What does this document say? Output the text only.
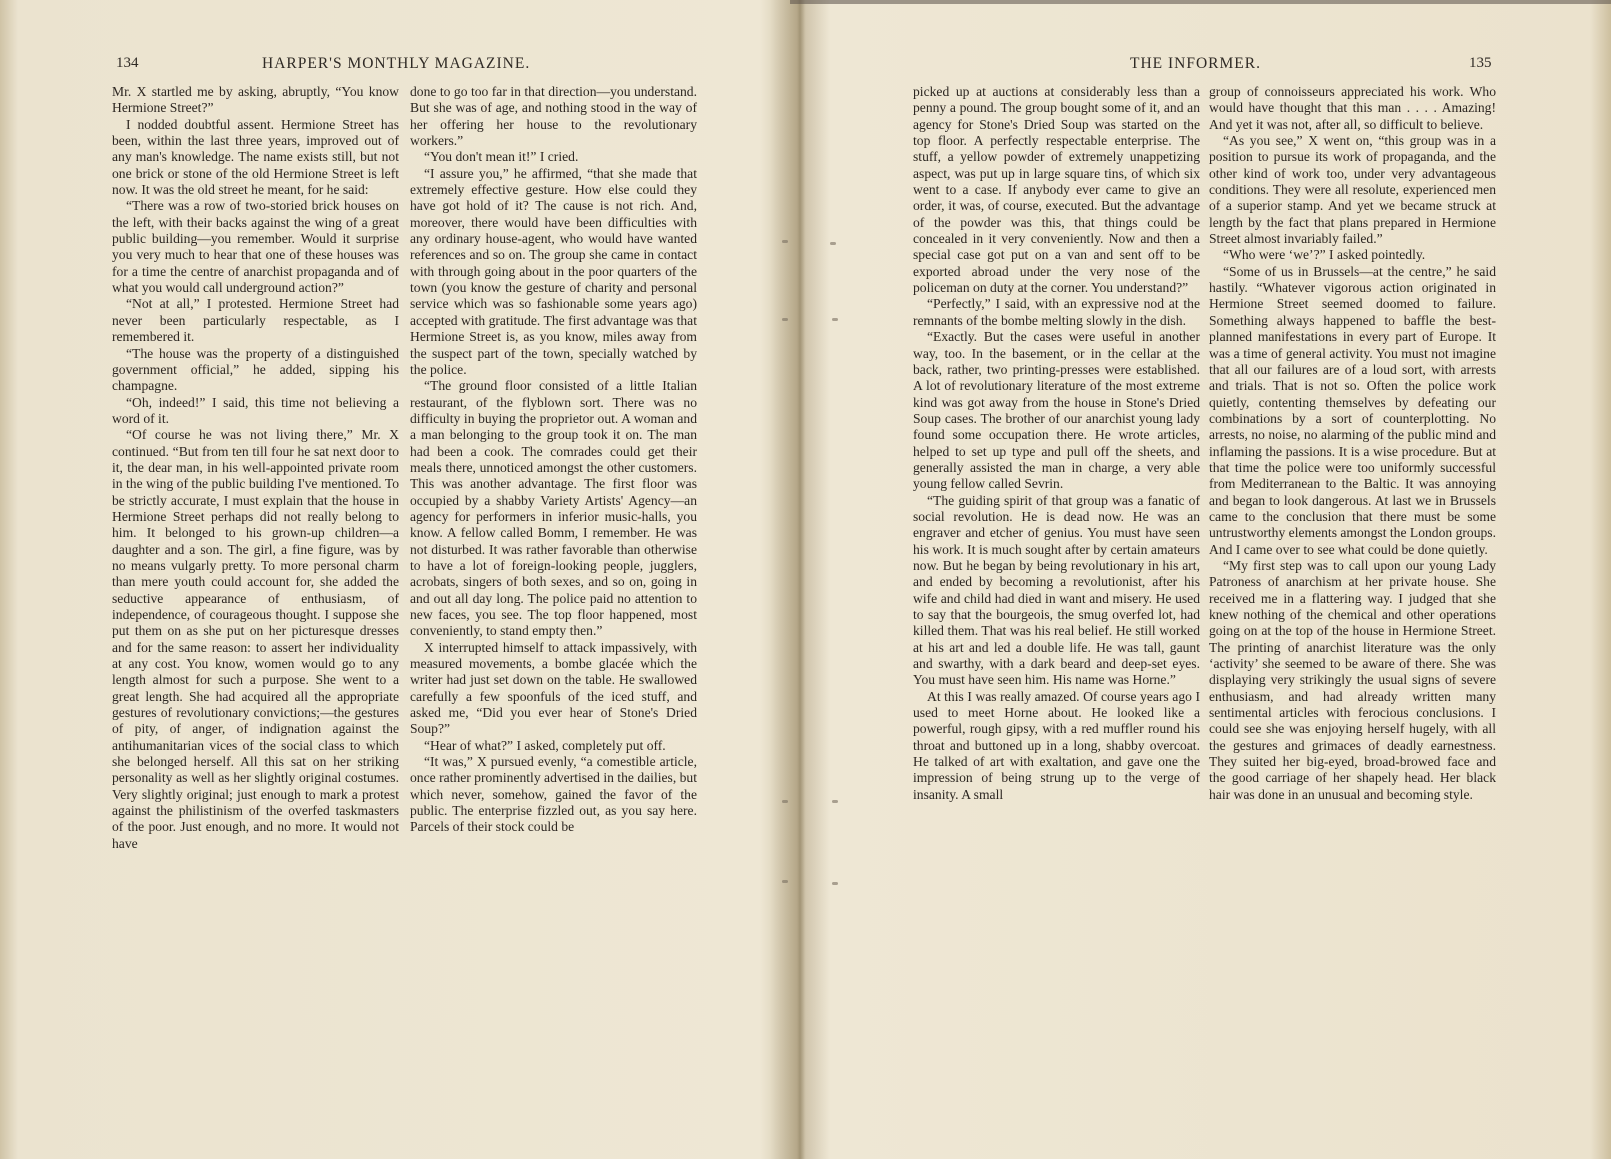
134	HARPER'S MONTHLY MAGAZINE.

Mr. X startled me by asking, abruptly, “You know Hermione Street?”

I nodded doubtful assent. Hermione Street has been, within the last three years, improved out of any man's knowledge. The name exists still, but not one brick or stone of the old Hermione Street is left now. It was the old street he meant, for he said:

“There was a row of two-storied brick houses on the left, with their backs against the wing of a great public building—you remember. Would it surprise you very much to hear that one of these houses was for a time the centre of anarchist propaganda and of what you would call underground action?”

“Not at all,” I protested. Hermione Street had never been particularly respectable, as I remembered it.

“The house was the property of a distinguished government official,” he added, sipping his champagne.

“Oh, indeed!” I said, this time not believing a word of it.

“Of course he was not living there,” Mr. X continued. “But from ten till four he sat next door to it, the dear man, in his well-appointed private room in the wing of the public building I've mentioned. To be strictly accurate, I must explain that the house in Hermione Street perhaps did not really belong to him. It belonged to his grown-up children—a daughter and a son. The girl, a fine figure, was by no means vulgarly pretty. To more personal charm than mere youth could account for, she added the seductive appearance of enthusiasm, of independence, of courageous thought. I suppose she put them on as she put on her picturesque dresses and for the same reason: to assert her individuality at any cost. You know, women would go to any length almost for such a purpose. She went to a great length. She had acquired all the appropriate gestures of revolutionary convictions;—the gestures of pity, of anger, of indignation against the antihumanitarian vices of the social class to which she belonged herself. All this sat on her striking personality as well as her slightly original costumes. Very slightly original; just enough to mark a protest against the philistinism of the overfed taskmasters of the poor. Just enough, and no more. It would not have

done to go too far in that direction—you understand. But she was of age, and nothing stood in the way of her offering her house to the revolutionary workers.”

“You don't mean it!” I cried.

“I assure you,” he affirmed, “that she made that extremely effective gesture. How else could they have got hold of it? The cause is not rich. And, moreover, there would have been difficulties with any ordinary house-agent, who would have wanted references and so on. The group she came in contact with through going about in the poor quarters of the town (you know the gesture of charity and personal service which was so fashionable some years ago) accepted with gratitude. The first advantage was that Hermione Street is, as you know, miles away from the suspect part of the town, specially watched by the police.

“The ground floor consisted of a little Italian restaurant, of the flyblown sort. There was no difficulty in buying the proprietor out. A woman and a man belonging to the group took it on. The man had been a cook. The comrades could get their meals there, unnoticed amongst the other customers. This was another advantage. The first floor was occupied by a shabby Variety Artists' Agency—an agency for performers in inferior music-halls, you know. A fellow called Bomm, I remember. He was not disturbed. It was rather favorable than otherwise to have a lot of foreign-looking people, jugglers, acrobats, singers of both sexes, and so on, going in and out all day long. The police paid no attention to new faces, you see. The top floor happened, most conveniently, to stand empty then.”

X interrupted himself to attack impassively, with measured movements, a bombe glacée which the writer had just set down on the table. He swallowed carefully a few spoonfuls of the iced stuff, and asked me, “Did you ever hear of Stone's Dried Soup?”

“Hear of what?” I asked, completely put off.

“It was,” X pursued evenly, “a comestible article, once rather prominently advertised in the dailies, but which never, somehow, gained the favor of the public. The enterprise fizzled out, as you say here. Parcels of their stock could be

THE INFORMER.	135

picked up at auctions at considerably less than a penny a pound. The group bought some of it, and an agency for Stone's Dried Soup was started on the top floor. A perfectly respectable enterprise. The stuff, a yellow powder of extremely unappetizing aspect, was put up in large square tins, of which six went to a case. If anybody ever came to give an order, it was, of course, executed. But the advantage of the powder was this, that things could be concealed in it very conveniently. Now and then a special case got put on a van and sent off to be exported abroad under the very nose of the policeman on duty at the corner. You understand?”

“Perfectly,” I said, with an expressive nod at the remnants of the bombe melting slowly in the dish.

“Exactly. But the cases were useful in another way, too. In the basement, or in the cellar at the back, rather, two printing-presses were established. A lot of revolutionary literature of the most extreme kind was got away from the house in Stone's Dried Soup cases. The brother of our anarchist young lady found some occupation there. He wrote articles, helped to set up type and pull off the sheets, and generally assisted the man in charge, a very able young fellow called Sevrin.

“The guiding spirit of that group was a fanatic of social revolution. He is dead now. He was an engraver and etcher of genius. You must have seen his work. It is much sought after by certain amateurs now. But he began by being revolutionary in his art, and ended by becoming a revolutionist, after his wife and child had died in want and misery. He used to say that the bourgeois, the smug overfed lot, had killed them. That was his real belief. He still worked at his art and led a double life. He was tall, gaunt and swarthy, with a dark beard and deep-set eyes. You must have seen him. His name was Horne.”

At this I was really amazed. Of course years ago I used to meet Horne about. He looked like a powerful, rough gipsy, with a red muffler round his throat and buttoned up in a long, shabby overcoat. He talked of art with exaltation, and gave one the impression of being strung up to the verge of insanity. A small

group of connoisseurs appreciated his work. Who would have thought that this man . . . . Amazing! And yet it was not, after all, so difficult to believe.

“As you see,” X went on, “this group was in a position to pursue its work of propaganda, and the other kind of work too, under very advantageous conditions. They were all resolute, experienced men of a superior stamp. And yet we became struck at length by the fact that plans prepared in Hermione Street almost invariably failed.”

“Who were ‘we’?” I asked pointedly.

“Some of us in Brussels—at the centre,” he said hastily. “Whatever vigorous action originated in Hermione Street seemed doomed to failure. Something always happened to baffle the best-planned manifestations in every part of Europe. It was a time of general activity. You must not imagine that all our failures are of a loud sort, with arrests and trials. That is not so. Often the police work quietly, contenting themselves by defeating our combinations by a sort of counterplotting. No arrests, no noise, no alarming of the public mind and inflaming the passions. It is a wise procedure. But at that time the police were too uniformly successful from Mediterranean to the Baltic. It was annoying and began to look dangerous. At last we in Brussels came to the conclusion that there must be some untrustworthy elements amongst the London groups. And I came over to see what could be done quietly.

“My first step was to call upon our young Lady Patroness of anarchism at her private house. She received me in a flattering way. I judged that she knew nothing of the chemical and other operations going on at the top of the house in Hermione Street. The printing of anarchist literature was the only ‘activity’ she seemed to be aware of there. She was displaying very strikingly the usual signs of severe enthusiasm, and had already written many sentimental articles with ferocious conclusions. I could see she was enjoying herself hugely, with all the gestures and grimaces of deadly earnestness. They suited her big-eyed, broad-browed face and the good carriage of her shapely head. Her black hair was done in an unusual and becoming style.
